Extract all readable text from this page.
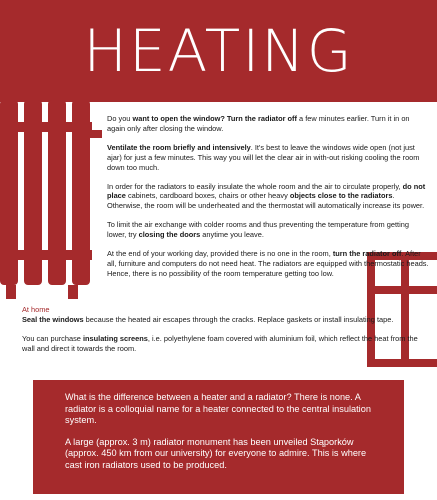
HEATING

Do you want to open the window? Turn the radiator off a few minutes earlier. Turn it in on again only after closing the window.

Ventilate the room briefly and intensively. It's best to leave the windows wide open (not just ajar) for just a few minutes. This way you will let the clear air in with-out risking cooling the room down too much.

In order for the radiators to easily insulate the whole room and the air to circulate properly, do not place cabinets, cardboard boxes, chairs or other heavy objects close to the radiators. Otherwise, the room will be underheated and the thermostat will automatically increase its power.

To limit the air exchange with colder rooms and thus preventing the temperature from getting lower, try closing the doors anytime you leave.

At the end of your working day, provided there is no one in the room, turn the radiator off. After all, furniture and computers do not need heat. The radiators are equipped with thermostatic heads. Hence, there is no possibility of the room temperature getting too low.

At home

Seal the windows because the heated air escapes through the cracks. Replace gaskets or install insulating tape.

You can purchase insulating screens, i.e. polyethylene foam covered with aluminium foil, which reflect the heat from the wall and direct it towards the room.

What is the difference between a heater and a radiator? There is none. A radiator is a colloquial name for a heater connected to the central insulation system.

A large (approx. 3 m) radiator monument has been unveiled Stąporków (approx. 450 km from our university) for everyone to admire. This is where cast iron radiators used to be produced.
